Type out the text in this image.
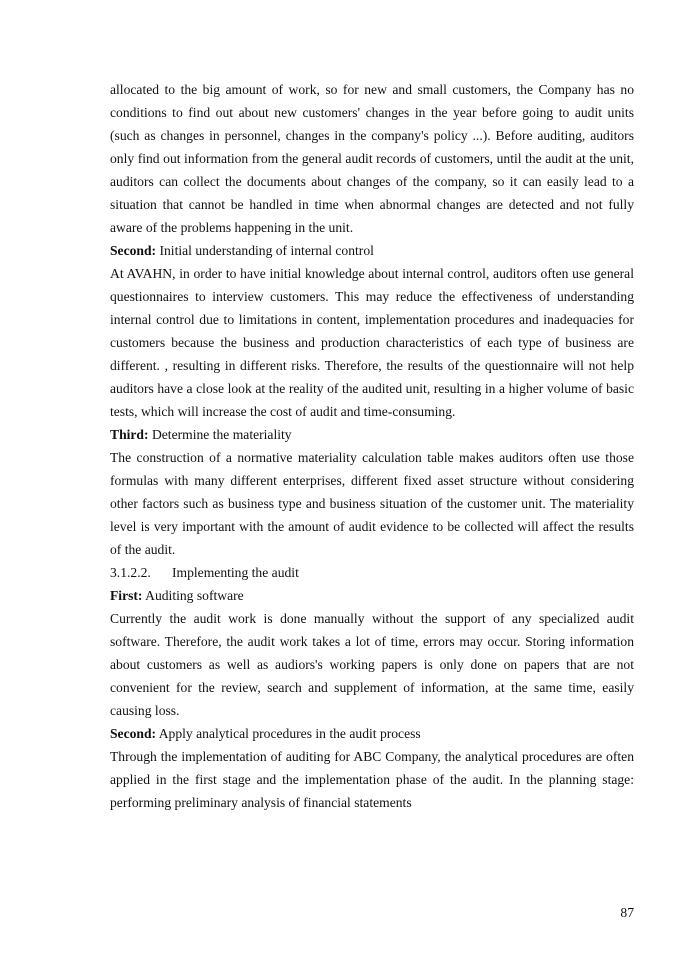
allocated to the big amount of work, so for new and small customers, the Company has no conditions to find out about new customers' changes in the year before going to audit units (such as changes in personnel, changes in the company's policy ...). Before auditing, auditors only find out information from the general audit records of customers, until the audit at the unit, auditors can collect the documents about changes of the company, so it can easily lead to a situation that cannot be handled in time when abnormal changes are detected and not fully aware of the problems happening in the unit.

Second: Initial understanding of internal control

At AVAHN, in order to have initial knowledge about internal control, auditors often use general questionnaires to interview customers. This may reduce the effectiveness of understanding internal control due to limitations in content, implementation procedures and inadequacies for customers because the business and production characteristics of each type of business are different. , resulting in different risks. Therefore, the results of the questionnaire will not help auditors have a close look at the reality of the audited unit, resulting in a higher volume of basic tests, which will increase the cost of audit and time-consuming.

Third: Determine the materiality

The construction of a normative materiality calculation table makes auditors often use those formulas with many different enterprises, different fixed asset structure without considering other factors such as business type and business situation of the customer unit. The materiality level is very important with the amount of audit evidence to be collected will affect the results of the audit.

3.1.2.2. Implementing the audit

First: Auditing software

Currently the audit work is done manually without the support of any specialized audit software. Therefore, the audit work takes a lot of time, errors may occur. Storing information about customers as well as audiors's working papers is only done on papers that are not convenient for the review, search and supplement of information, at the same time, easily causing loss.

Second: Apply analytical procedures in the audit process

Through the implementation of auditing for ABC Company, the analytical procedures are often applied in the first stage and the implementation phase of the audit. In the planning stage: performing preliminary analysis of financial statements

87
